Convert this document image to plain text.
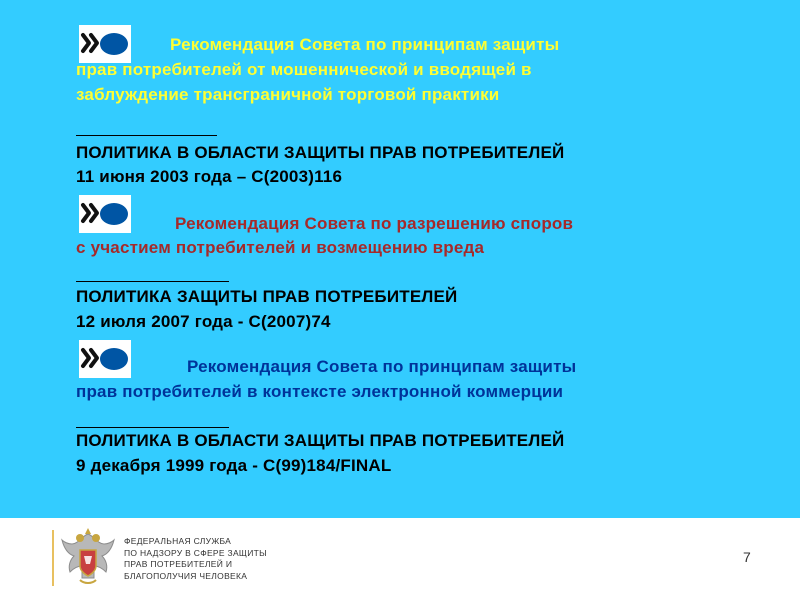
Рекомендация Совета по принципам защиты
прав потребителей от мошеннической и вводящей в
заблуждение трансграничной торговой практики
ПОЛИТИКА В ОБЛАСТИ ЗАЩИТЫ ПРАВ ПОТРЕБИТЕЛЕЙ
11 июня 2003 года – С(2003)116
Рекомендация Совета по разрешению споров
с участием потребителей и возмещению вреда
ПОЛИТИКА ЗАЩИТЫ ПРАВ ПОТРЕБИТЕЛЕЙ
12 июля 2007 года - С(2007)74
Рекомендация Совета по принципам защиты
прав потребителей в контексте электронной коммерции
ПОЛИТИКА В ОБЛАСТИ ЗАЩИТЫ ПРАВ ПОТРЕБИТЕЛЕЙ
9 декабря 1999 года - С(99)184/FINAL
ФЕДЕРАЛЬНАЯ СЛУЖБА
ПО НАДЗОРУ В СФЕРЕ ЗАЩИТЫ
ПРАВ ПОТРЕБИТЕЛЕЙ И
БЛАГОПОЛУЧИЯ ЧЕЛОВЕКА
7
